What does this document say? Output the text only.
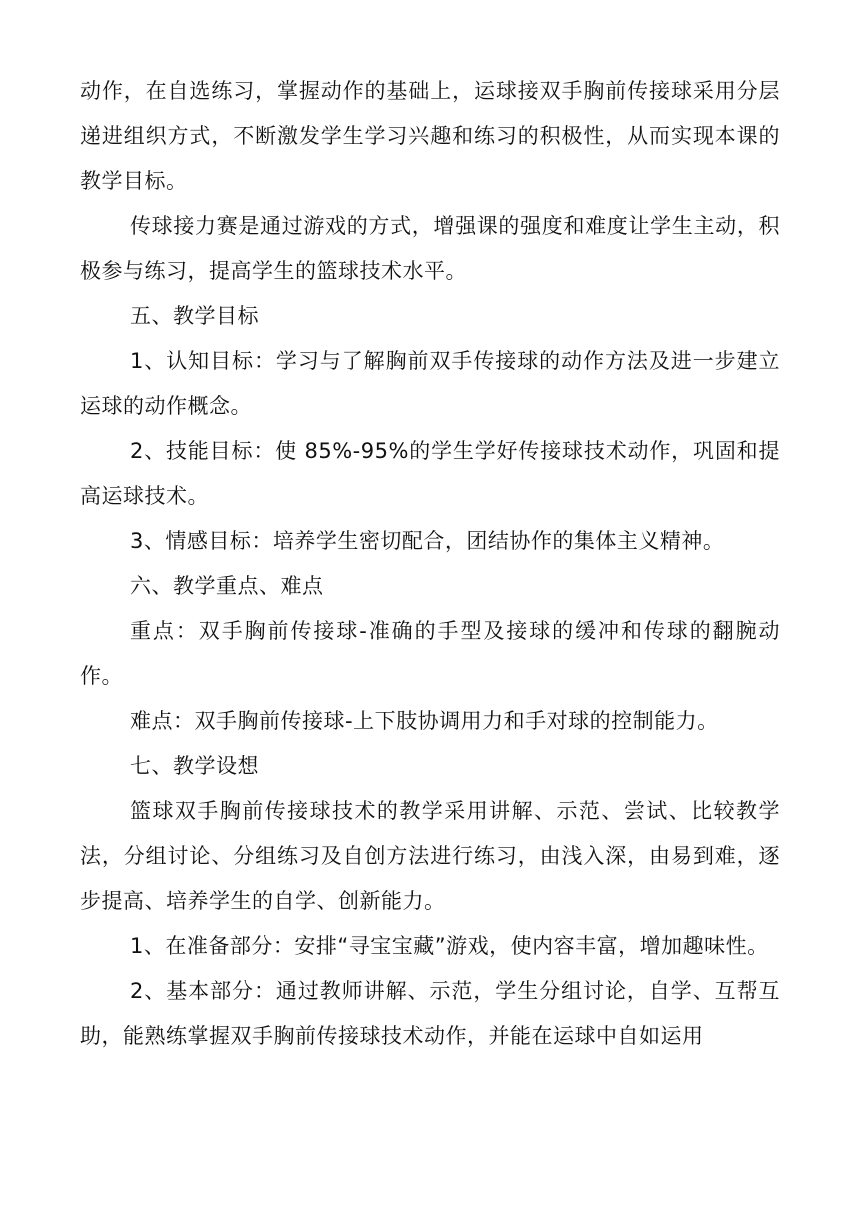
动作，在自选练习，掌握动作的基础上，运球接双手胸前传接球采用分层递进组织方式，不断激发学生学习兴趣和练习的积极性，从而实现本课的教学目标。

传球接力赛是通过游戏的方式，增强课的强度和难度让学生主动，积极参与练习，提高学生的篮球技术水平。

五、教学目标

1、认知目标：学习与了解胸前双手传接球的动作方法及进一步建立运球的动作概念。

2、技能目标：使 85%-95%的学生学好传接球技术动作，巩固和提高运球技术。

3、情感目标：培养学生密切配合，团结协作的集体主义精神。

六、教学重点、难点

重点：双手胸前传接球-准确的手型及接球的缓冲和传球的翻腕动作。

难点：双手胸前传接球-上下肢协调用力和手对球的控制能力。

七、教学设想

篮球双手胸前传接球技术的教学采用讲解、示范、尝试、比较教学法，分组讨论、分组练习及自创方法进行练习，由浅入深，由易到难，逐步提高、培养学生的自学、创新能力。

1、在准备部分：安排“寻宝宝藏”游戏，使内容丰富，增加趣味性。

2、基本部分：通过教师讲解、示范，学生分组讨论，自学、互帮互助，能熟练掌握双手胸前传接球技术动作，并能在运球中自如运用
